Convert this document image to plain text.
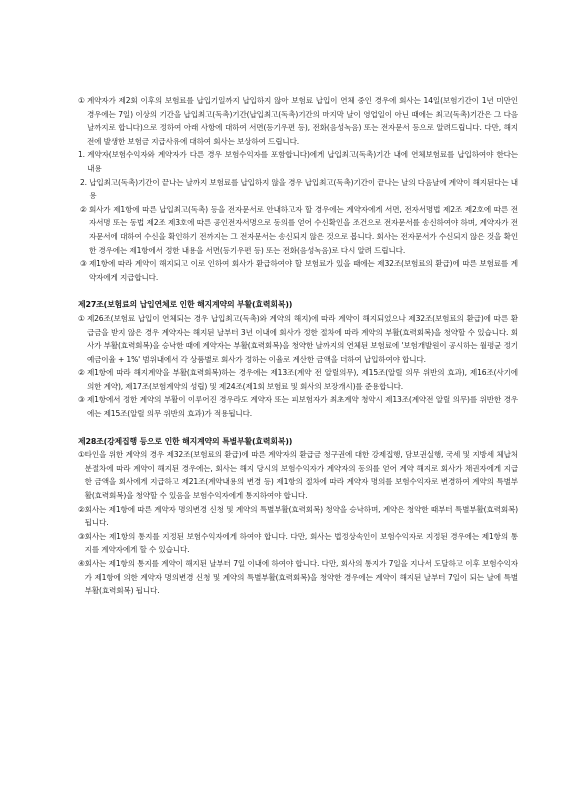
①
계약자가 제2회 이후의 보험료를 납입기일까지 납입하지 않아 보험료 납입이 연체 중인 경우에 회사는 14일(보험기간이 1년 미만인 경우에는 7일) 이상의 기간을 납입최고(독촉)기간(납입최고(독촉)기간의 마지막 날이 영업일이 아닌 때에는 최고(독촉)기간은 그 다음 날까지로 합니다)으로 정하여 아래 사항에 대하여 서면(등기우편 등), 전화(음성녹음) 또는 전자문서 등으로 알려드립니다. 다만, 해지 전에 발생한 보험금 지급사유에 대하여 회사는 보상하여 드립니다.
1.
계약자(보험수익자와 계약자가 다른 경우 보험수익자를 포함합니다)에게 납입최고(독촉)기간 내에 연체보험료를 납입하여야 한다는 내용
2.
납입최고(독촉)기간이 끝나는 날까지 보험료를 납입하지 않을 경우 납입최고(독촉)기간이 끝나는 날의 다음날에 계약이 해지된다는 내용
②
회사가 제1항에 따른 납입최고(독촉) 등을 전자문서로 안내하고자 할 경우에는 계약자에게 서면, 전자서명법 제2조 제2호에 따른 전자서명 또는 동법 제2조 제3호에 따른 공인전자서명으로 동의를 얻어 수신확인을 조건으로 전자문서를 송신하여야 하며, 계약자가 전자문서에 대하여 수신을 확인하기 전까지는 그 전자문서는 송신되지 않은 것으로 봅니다. 회사는 전자문서가 수신되지 않은 것을 확인한 경우에는 제1항에서 정한 내용을 서면(등기우편 등) 또는 전화(음성녹음)로 다시 알려 드립니다.
③
제1항에 따라 계약이 해지되고 이로 인하여 회사가 환급하여야 할 보험료가 있을 때에는 제32조(보험료의 환급)에 따른 보험료를 계약자에게 지급합니다.

제27조(보험료의 납입연체로 인한 해지계약의 부활(효력회복))

①
제26조(보험료 납입이 연체되는 경우 납입최고(독촉)와 계약의 해지)에 따라 계약이 해지되었으나 제32조(보험료의 환급)에 따른 환급금을 받지 않은 경우 계약자는 해지된 날부터 3년 이내에 회사가 정한 절차에 따라 계약의 부활(효력회복)을 청약할 수 있습니다. 회사가 부활(효력회복)을 승낙한 때에 계약자는 부활(효력회복)을 청약한 날까지의 연체된 보험료에 '보험개발원이 공시하는 월평균 정기예금이율 + 1%' 범위내에서 각 상품별로 회사가 정하는 이율로 계산한 금액을 더하여 납입하여야 합니다.
②
제1항에 따라 해지계약을 부활(효력회복)하는 경우에는 제13조(계약 전 알릴의무), 제15조(알릴 의무 위반의 효과), 제16조(사기에 의한 계약), 제17조(보험계약의 성립) 및 제24조(제1회 보험료 및 회사의 보장개시)를 준용합니다.
③
제1항에서 정한 계약의 부활이 이루어진 경우라도 계약자 또는 피보험자가 최초계약 청약시 제13조(계약전 알릴 의무)를 위반한 경우에는 제15조(알릴 의무 위반의 효과)가 적용됩니다.

제28조(강제집행 등으로 인한 해지계약의 특별부활(효력회복))

① 타인을 위한 계약의 경우 제32조(보험료의 환급)에 따른 계약자의 환급금 청구권에 대한 강제집행, 담보권실행, 국세 및 지방세 체납처분절차에 따라 계약이 해지된 경우에는, 회사는 해지 당시의 보험수익자가 계약자의 동의를 얻어 계약 해지로 회사가 채권자에게 지급한 금액을 회사에게 지급하고 제21조(계약내용의 변경 등) 제1항의 절차에 따라 계약자 명의를 보험수익자로 변경하여 계약의 특별부활(효력회복)을 청약할 수 있음을 보험수익자에게 통지하여야 합니다.
② 회사는 제1항에 따른 계약자 명의변경 신청 및 계약의 특별부활(효력회복) 청약을 승낙하며, 계약은 청약한 때부터 특별부활(효력회복) 됩니다.
③ 회사는 제1항의 통지를 지정된 보험수익자에게 하여야 합니다. 다만, 회사는 법정상속인이 보험수익자로 지정된 경우에는 제1항의 통지를 계약자에게 할 수 있습니다.
④ 회사는 제1항의 통지를 계약이 해지된 날부터 7일 이내에 하여야 합니다. 다만, 회사의 통지가 7일을 지나서 도달하고 이후 보험수익자가 제1항에 의한 계약자 명의변경 신청 및 계약의 특별부활(효력회복)을 청약한 경우에는 계약이 해지된 날부터 7일이 되는 날에 특별부활(효력회복) 됩니다.
